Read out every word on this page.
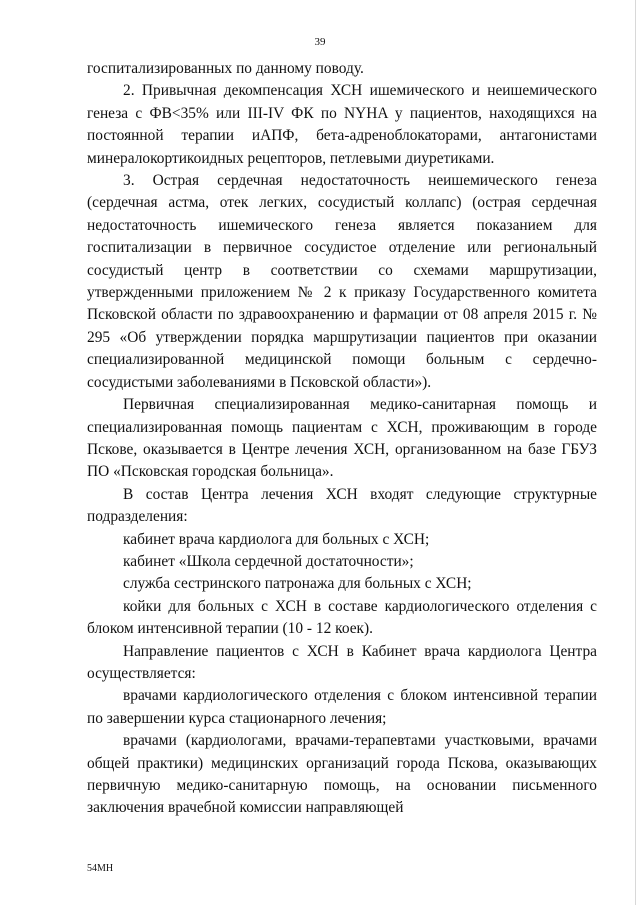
39

госпитализированных по данному поводу.

2. Привычная декомпенсация ХСН ишемического и неишемического генеза с ФВ<35% или III-IV ФК по NYHA у пациентов, находящихся на постоянной терапии иАПФ, бета-адреноблокаторами, антагонистами минералокортикоидных рецепторов, петлевыми диуретиками.

3. Острая сердечная недостаточность неишемического генеза (сердечная астма, отек легких, сосудистый коллапс) (острая сердечная недостаточность ишемического генеза является показанием для госпитализации в первичное сосудистое отделение или региональный сосудистый центр в соответствии со схемами маршрутизации, утвержденными приложением № 2 к приказу Государственного комитета Псковской области по здравоохранению и фармации от 08 апреля 2015 г. № 295 «Об утверждении порядка маршрутизации пациентов при оказании специализированной медицинской помощи больным с сердечно-сосудистыми заболеваниями в Псковской области»).

Первичная специализированная медико-санитарная помощь и специализированная помощь пациентам с ХСН, проживающим в городе Пскове, оказывается в Центре лечения ХСН, организованном на базе ГБУЗ ПО «Псковская городская больница».

В состав Центра лечения ХСН входят следующие структурные подразделения:

кабинет врача кардиолога для больных с ХСН;

кабинет «Школа сердечной достаточности»;

служба сестринского патронажа для больных с ХСН;

койки для больных с ХСН в составе кардиологического отделения с блоком интенсивной терапии (10 - 12 коек).

Направление пациентов с ХСН в Кабинет врача кардиолога Центра осуществляется:

врачами кардиологического отделения с блоком интенсивной терапии по завершении курса стационарного лечения;

врачами (кардиологами, врачами-терапевтами участковыми, врачами общей практики) медицинских организаций города Пскова, оказывающих первичную медико-санитарную помощь, на основании письменного заключения врачебной комиссии направляющей

54МН
